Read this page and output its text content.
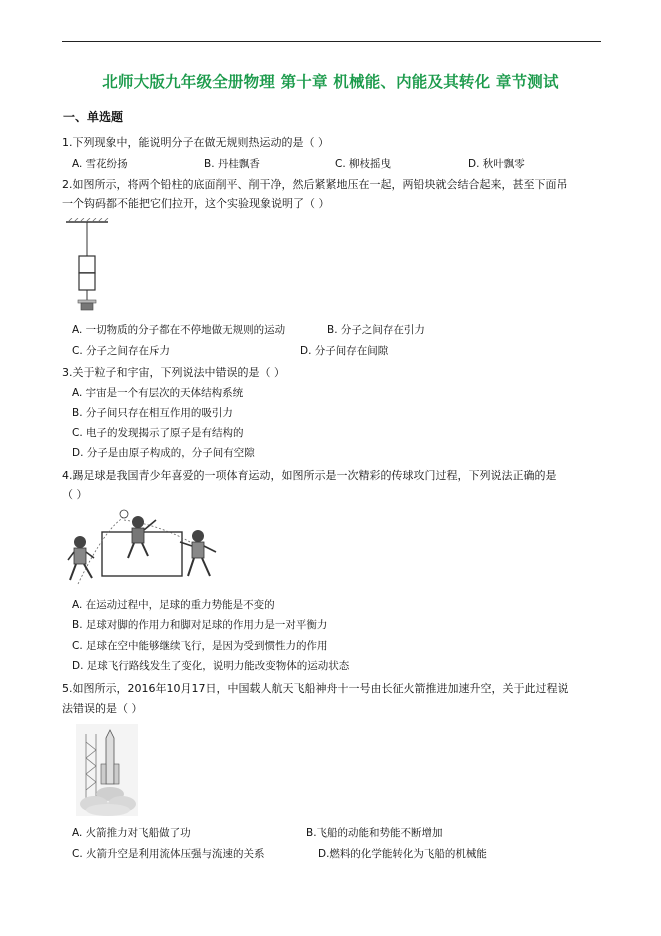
北师大版九年级全册物理 第十章 机械能、内能及其转化 章节测试
一、单选题
1.下列现象中，能说明分子在做无规则热运动的是（ ）
A. 雪花纷扬	B. 丹桂飘香	C. 柳枝摇曳	D. 秋叶飘零
2.如图所示，将两个铅柱的底面削平、削干净，然后紧紧地压在一起，两铅块就会结合起来，甚至下面吊
一个钩码都不能把它们拉开，这个实验现象说明了（ ）
A. 一切物质的分子都在不停地做无规则的运动	B. 分子之间存在引力
C. 分子之间存在斥力	D. 分子间存在间隙
3.关于粒子和宇宙，下列说法中错误的是（ ）
A. 宇宙是一个有层次的天体结构系统
B. 分子间只存在相互作用的吸引力
C. 电子的发现揭示了原子是有结构的
D. 分子是由原子构成的，分子间有空隙
4.踢足球是我国青少年喜爱的一项体育运动，如图所示是一次精彩的传球攻门过程，下列说法正确的是
（ ）
A. 在运动过程中，足球的重力势能是不变的
B. 足球对脚的作用力和脚对足球的作用力是一对平衡力
C. 足球在空中能够继续飞行，是因为受到惯性力的作用
D. 足球飞行路线发生了变化，说明力能改变物体的运动状态
5.如图所示，2016年10月17日，中国载人航天飞船神舟十一号由长征火箭推进加速升空，关于此过程说
法错误的是（ ）
A. 火箭推力对飞船做了功	B.飞船的动能和势能不断增加
C. 火箭升空是利用流体压强与流速的关系	D.燃料的化学能转化为飞船的机械能
